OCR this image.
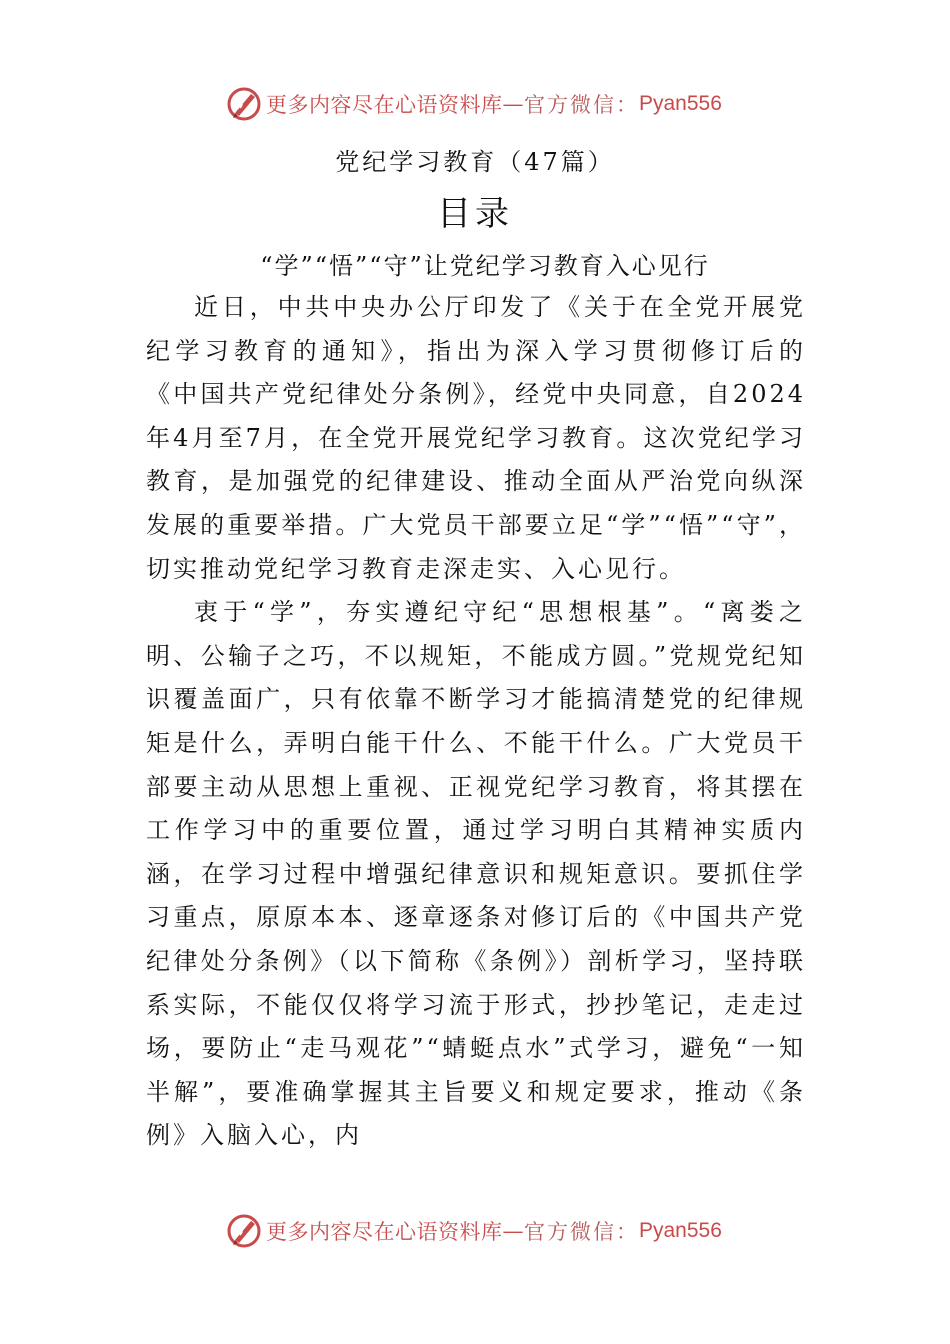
更多内容尽在心语资料库 — 官方微信： Pyan556
党纪学习教育（47篇）
目录
“学”“悟”“守”让党纪学习教育入心见行

近日，中共中央办公厅印发了《关于在全党开展党纪学习教育的通知》，指出为深入学习贯彻修订后的《中国共产党纪律处分条例》，经党中央同意，自2024年4月至7月，在全党开展党纪学习教育。这次党纪学习教育，是加强党的纪律建设、推动全面从严治党向纵深发展的重要举措。广大党员干部要立足“学”“悟”“守”，切实推动党纪学习教育走深走实、入心见行。

衷于“学”，夯实遵纪守纪“思想根基”。“离娄之明、公输子之巧，不以规矩，不能成方圆。”党规党纪知识覆盖面广，只有依靠不断学习才能搞清楚党的纪律规矩是什么，弄明白能干什么、不能干什么。广大党员干部要主动从思想上重视、正视党纪学习教育，将其摆在工作学习中的重要位置，通过学习明白其精神实质内涵，在学习过程中增强纪律意识和规矩意识。要抓住学习重点，原原本本、逐章逐条对修订后的《中国共产党纪律处分条例》（以下简称《条例》）剖析学习，坚持联系实际，不能仅仅将学习流于形式，抄抄笔记，走走过场，要防止“走马观花”“蜻蜓点水”式学习，避免“一知半解”，要准确掌握其主旨要义和规定要求，推动《条例》入脑入心，内

更多内容尽在心语资料库 — 官方微信： Pyan556
